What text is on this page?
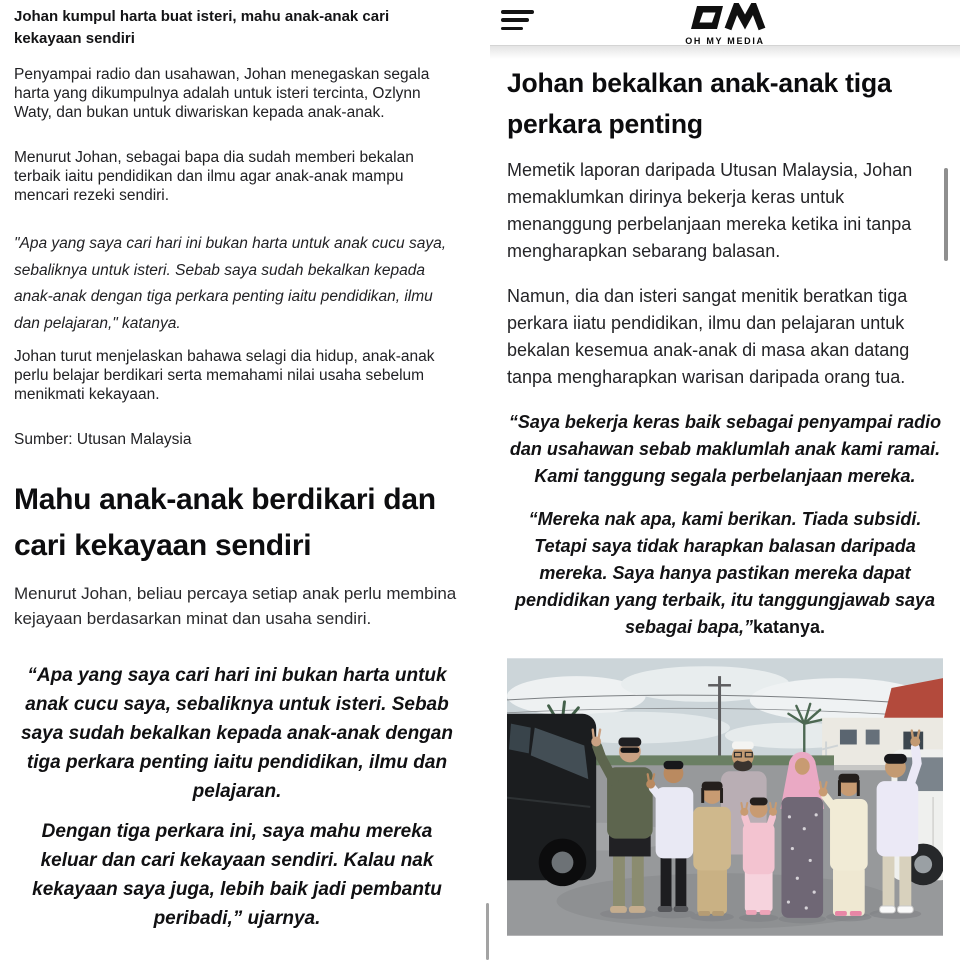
Johan kumpul harta buat isteri, mahu anak-anak cari kekayaan sendiri

Penyampai radio dan usahawan, Johan menegaskan segala harta yang dikumpulnya adalah untuk isteri tercinta, Ozlynn Waty, dan bukan untuk diwariskan kepada anak-anak.

Menurut Johan, sebagai bapa dia sudah memberi bekalan terbaik iaitu pendidikan dan ilmu agar anak-anak mampu mencari rezeki sendiri.

"Apa yang saya cari hari ini bukan harta untuk anak cucu saya, sebaliknya untuk isteri. Sebab saya sudah bekalkan kepada anak-anak dengan tiga perkara penting iaitu pendidikan, ilmu dan pelajaran," katanya.

Johan turut menjelaskan bahawa selagi dia hidup, anak-anak perlu belajar berdikari serta memahami nilai usaha sebelum menikmati kekayaan.

Sumber: Utusan Malaysia

Mahu anak-anak berdikari dan cari kekayaan sendiri

Menurut Johan, beliau percaya setiap anak perlu membina kejayaan berdasarkan minat dan usaha sendiri.

“Apa yang saya cari hari ini bukan harta untuk anak cucu saya, sebaliknya untuk isteri. Sebab saya sudah bekalkan kepada anak-anak dengan tiga perkara penting iaitu pendidikan, ilmu dan pelajaran.

Dengan tiga perkara ini, saya mahu mereka keluar dan cari kekayaan sendiri. Kalau nak kekayaan saya juga, lebih baik jadi pembantu peribadi,” ujarnya.

OH MY MEDIA
Johan bekalkan anak-anak tiga perkara penting

Memetik laporan daripada Utusan Malaysia, Johan memaklumkan dirinya bekerja keras untuk menanggung perbelanjaan mereka ketika ini tanpa mengharapkan sebarang balasan.

Namun, dia dan isteri sangat menitik beratkan tiga perkara iiatu pendidikan, ilmu dan pelajaran untuk bekalan kesemua anak-anak di masa akan datang tanpa mengharapkan warisan daripada orang tua.

“Saya bekerja keras baik sebagai penyampai radio dan usahawan sebab maklumlah anak kami ramai. Kami tanggung segala perbelanjaan mereka.

“Mereka nak apa, kami berikan. Tiada subsidi. Tetapi saya tidak harapkan balasan daripada mereka. Saya hanya pastikan mereka dapat pendidikan yang terbaik, itu tanggungjawab saya sebagai bapa,”katanya.
